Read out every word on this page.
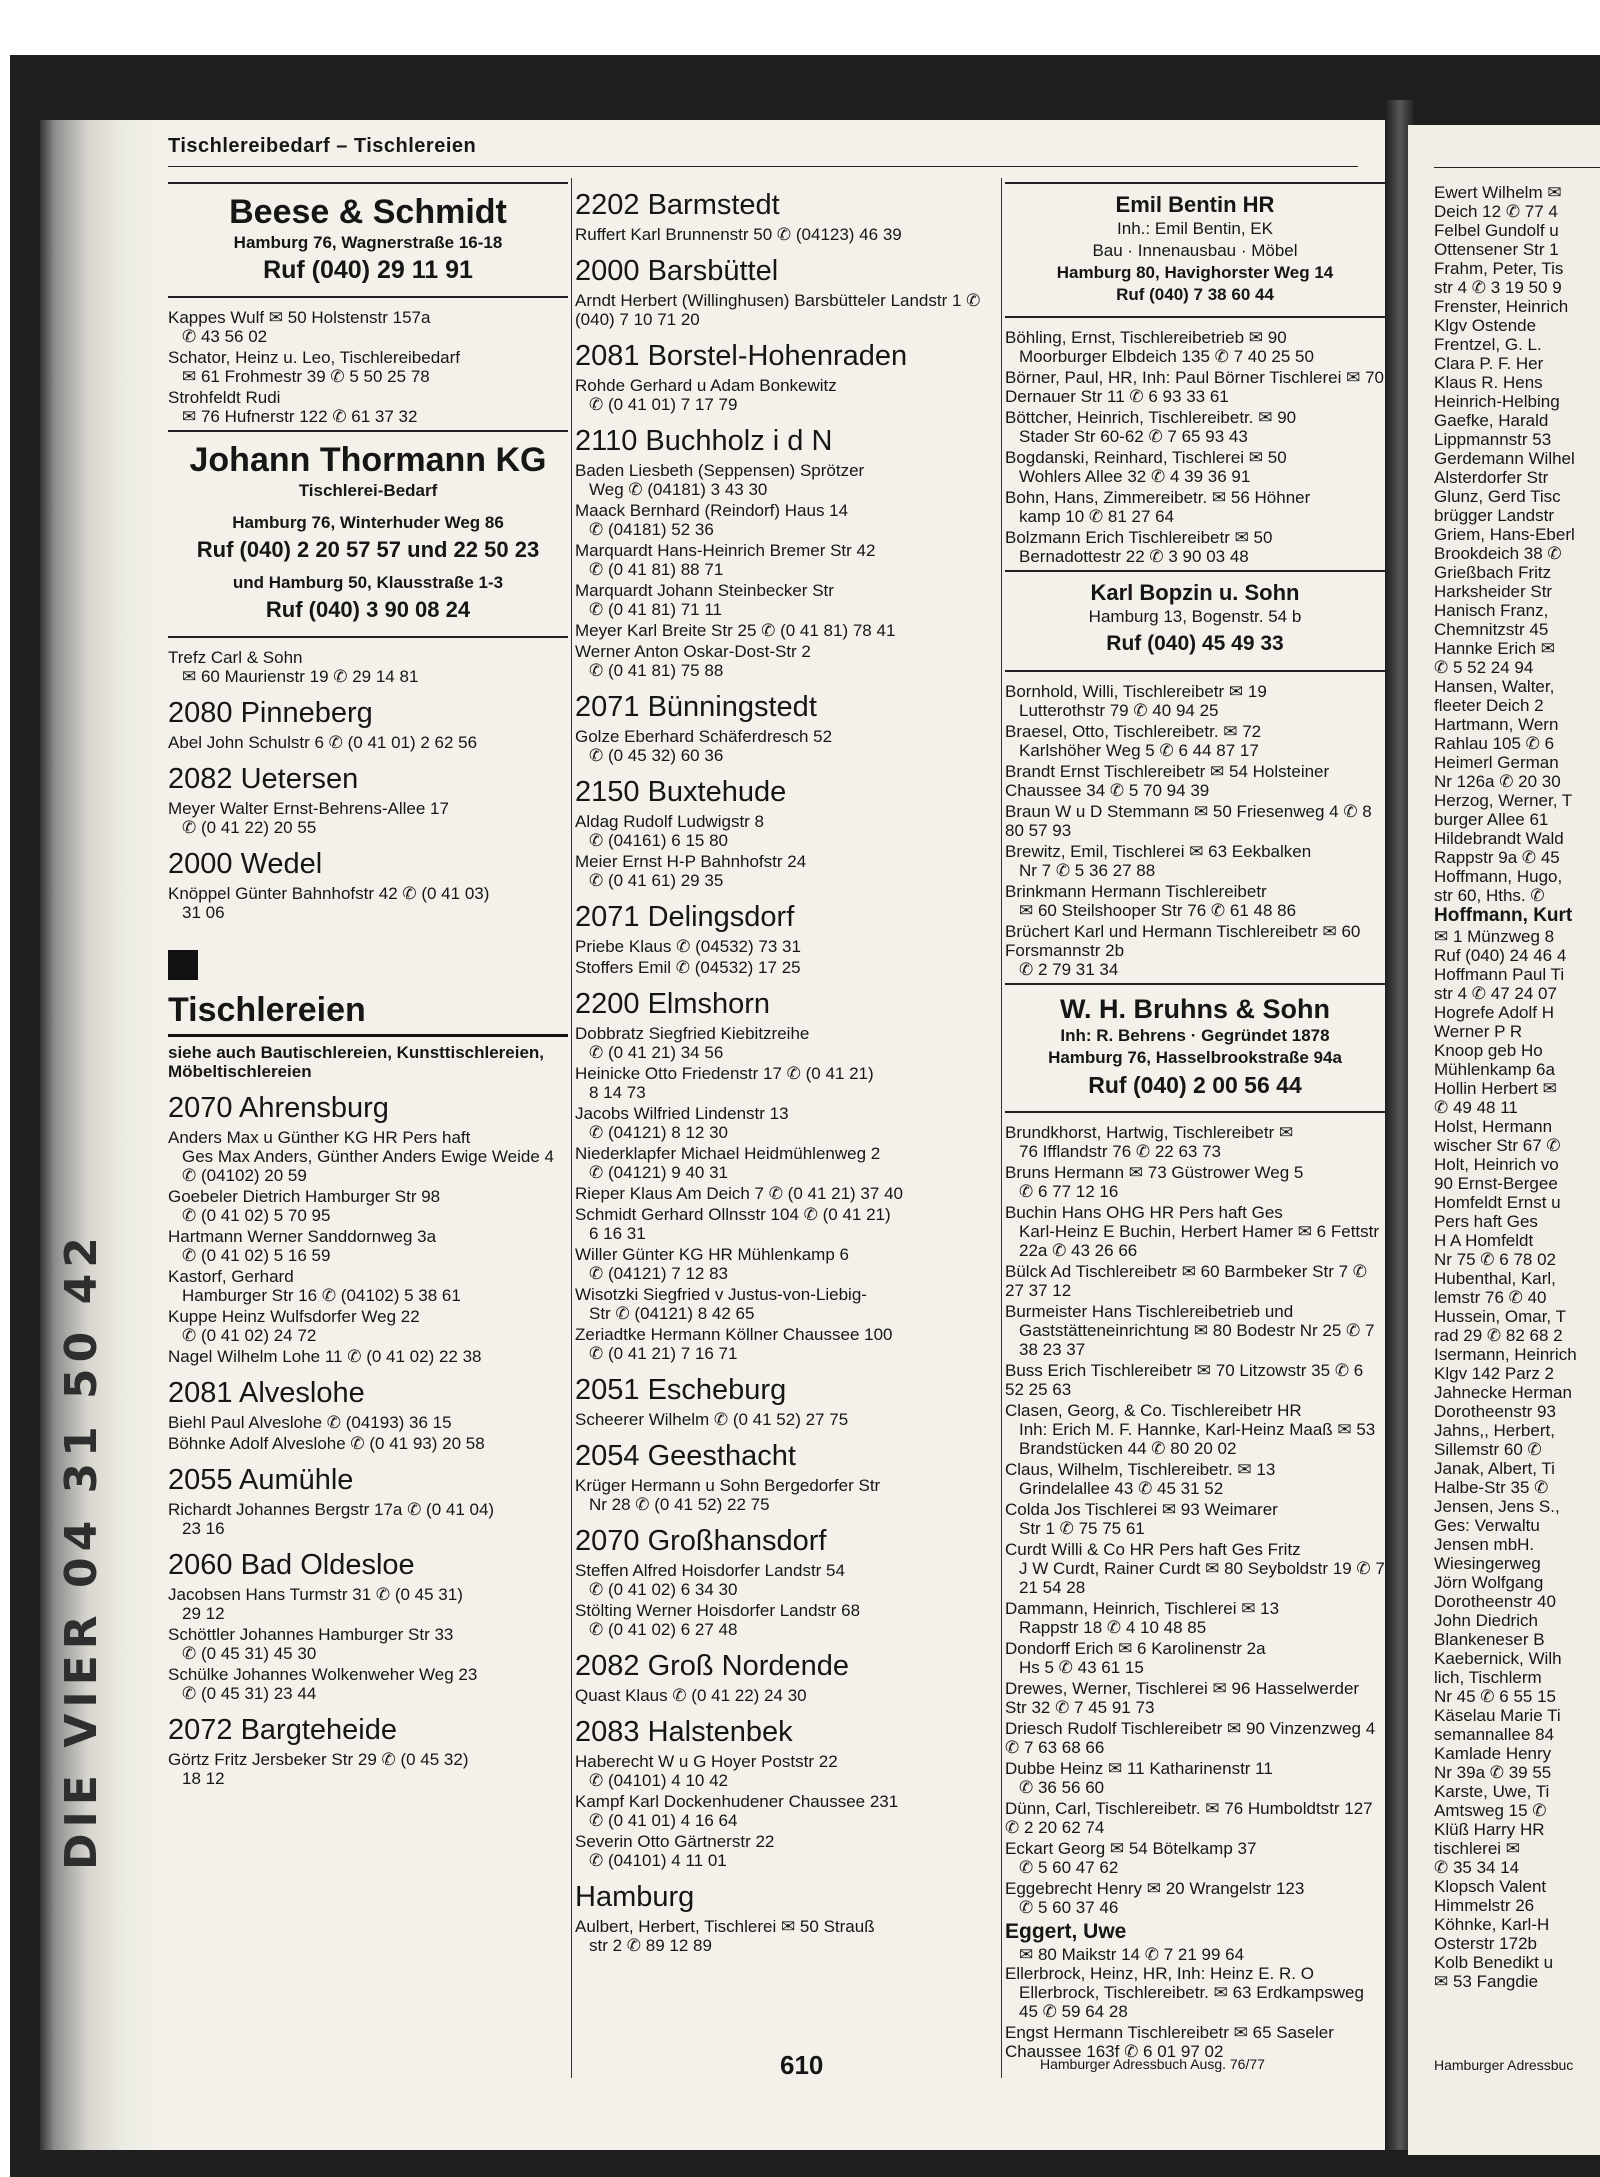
DIE VIER 04 31 50 42
Tischlereibedarf – Tischlereien
Beese & Schmidt
Hamburg 76, Wagnerstraße 16-18
Ruf (040) 29 11 91
Kappes Wulf ✉ 50 Holstenstr 157a
✆ 43 56 02
Schator, Heinz u. Leo, Tischlereibedarf
✉ 61 Frohmestr 39 ✆ 5 50 25 78
Strohfeldt Rudi
✉ 76 Hufnerstr 122 ✆ 61 37 32
Johann Thormann KG
Tischlerei-Bedarf
Hamburg 76, Winterhuder Weg 86
Ruf (040) 2 20 57 57 und 22 50 23
und Hamburg 50, Klausstraße 1-3
Ruf (040) 3 90 08 24
Trefz Carl & Sohn
✉ 60 Maurienstr 19 ✆ 29 14 81
2080 Pinneberg
Abel John Schulstr 6 ✆ (0 41 01) 2 62 56
2082 Uetersen
Meyer Walter Ernst-Behrens-Allee 17
✆ (0 41 22) 20 55
2000 Wedel
Knöppel Günter Bahnhofstr 42 ✆ (0 41 03)
31 06
Tischlereien
siehe auch Bautischlereien, Kunsttischlereien, Möbeltischlereien
2070 Ahrensburg
Anders Max u Günther KG HR Pers haft
Ges Max Anders, Günther Anders Ewige Weide 4 ✆ (04102) 20 59
Goebeler Dietrich Hamburger Str 98
✆ (0 41 02) 5 70 95
Hartmann Werner Sanddornweg 3a
✆ (0 41 02) 5 16 59
Kastorf, Gerhard
Hamburger Str 16 ✆ (04102) 5 38 61
Kuppe Heinz Wulfsdorfer Weg 22
✆ (0 41 02) 24 72
Nagel Wilhelm Lohe 11 ✆ (0 41 02) 22 38
2081 Alveslohe
Biehl Paul Alveslohe ✆ (04193) 36 15
Böhnke Adolf Alveslohe ✆ (0 41 93) 20 58
2055 Aumühle
Richardt Johannes Bergstr 17a ✆ (0 41 04)
23 16
2060 Bad Oldesloe
Jacobsen Hans Turmstr 31 ✆ (0 45 31)
29 12
Schöttler Johannes Hamburger Str 33
✆ (0 45 31) 45 30
Schülke Johannes Wolkenweher Weg 23
✆ (0 45 31) 23 44
2072 Bargteheide
Görtz Fritz Jersbeker Str 29 ✆ (0 45 32)
18 12
2202 Barmstedt
Ruffert Karl Brunnenstr 50 ✆ (04123) 46 39
2000 Barsbüttel
Arndt Herbert (Willinghusen) Barsbütteler Landstr 1 ✆ (040) 7 10 71 20
2081 Borstel-Hohenraden
Rohde Gerhard u Adam Bonkewitz
✆ (0 41 01) 7 17 79
2110 Buchholz i d N
Baden Liesbeth (Seppensen) Sprötzer
Weg ✆ (04181) 3 43 30
Maack Bernhard (Reindorf) Haus 14
✆ (04181) 52 36
Marquardt Hans-Heinrich Bremer Str 42
✆ (0 41 81) 88 71
Marquardt Johann Steinbecker Str
✆ (0 41 81) 71 11
Meyer Karl Breite Str 25 ✆ (0 41 81) 78 41
Werner Anton Oskar-Dost-Str 2
✆ (0 41 81) 75 88
2071 Bünningstedt
Golze Eberhard Schäferdresch 52
✆ (0 45 32) 60 36
2150 Buxtehude
Aldag Rudolf Ludwigstr 8
✆ (04161) 6 15 80
Meier Ernst H-P Bahnhofstr 24
✆ (0 41 61) 29 35
2071 Delingsdorf
Priebe Klaus ✆ (04532) 73 31
Stoffers Emil ✆ (04532) 17 25
2200 Elmshorn
Dobbratz Siegfried Kiebitzreihe
✆ (0 41 21) 34 56
Heinicke Otto Friedenstr 17 ✆ (0 41 21)
8 14 73
Jacobs Wilfried Lindenstr 13
✆ (04121) 8 12 30
Niederklapfer Michael Heidmühlenweg 2
✆ (04121) 9 40 31
Rieper Klaus Am Deich 7 ✆ (0 41 21) 37 40
Schmidt Gerhard Ollnsstr 104 ✆ (0 41 21)
6 16 31
Willer Günter KG HR Mühlenkamp 6
✆ (04121) 7 12 83
Wisotzki Siegfried v Justus-von-Liebig-
Str ✆ (04121) 8 42 65
Zeriadtke Hermann Köllner Chaussee 100
✆ (0 41 21) 7 16 71
2051 Escheburg
Scheerer Wilhelm ✆ (0 41 52) 27 75
2054 Geesthacht
Krüger Hermann u Sohn Bergedorfer Str
Nr 28 ✆ (0 41 52) 22 75
2070 Großhansdorf
Steffen Alfred Hoisdorfer Landstr 54
✆ (0 41 02) 6 34 30
Stölting Werner Hoisdorfer Landstr 68
✆ (0 41 02) 6 27 48
2082 Groß Nordende
Quast Klaus ✆ (0 41 22) 24 30
2083 Halstenbek
Haberecht W u G Hoyer Poststr 22
✆ (04101) 4 10 42
Kampf Karl Dockenhudener Chaussee 231
✆ (0 41 01) 4 16 64
Severin Otto Gärtnerstr 22
✆ (04101) 4 11 01
Hamburg
Aulbert, Herbert, Tischlerei ✉ 50 Strauß
str 2 ✆ 89 12 89
Emil Bentin HR
Inh.: Emil Bentin, EK
Bau · Innenausbau · Möbel
Hamburg 80, Havighorster Weg 14
Ruf (040) 7 38 60 44
Böhling, Ernst, Tischlereibetrieb ✉ 90
Moorburger Elbdeich 135 ✆ 7 40 25 50
Börner, Paul, HR, Inh: Paul Börner Tischlerei ✉ 70 Dernauer Str 11 ✆ 6 93 33 61
Böttcher, Heinrich, Tischlereibetr. ✉ 90
Stader Str 60-62 ✆ 7 65 93 43
Bogdanski, Reinhard, Tischlerei ✉ 50
Wohlers Allee 32 ✆ 4 39 36 91
Bohn, Hans, Zimmereibetr. ✉ 56 Höhner
kamp 10 ✆ 81 27 64
Bolzmann Erich Tischlereibetr ✉ 50
Bernadottestr 22 ✆ 3 90 03 48
Karl Bopzin u. Sohn
Hamburg 13, Bogenstr. 54 b
Ruf (040) 45 49 33
Bornhold, Willi, Tischlereibetr ✉ 19
Lutterothstr 79 ✆ 40 94 25
Braesel, Otto, Tischlereibetr. ✉ 72
Karlshöher Weg 5 ✆ 6 44 87 17
Brandt Ernst Tischlereibetr ✉ 54 Holsteiner Chaussee 34 ✆ 5 70 94 39
Braun W u D Stemmann ✉ 50 Friesenweg 4 ✆ 8 80 57 93
Brewitz, Emil, Tischlerei ✉ 63 Eekbalken
Nr 7 ✆ 5 36 27 88
Brinkmann Hermann Tischlereibetr
✉ 60 Steilshooper Str 76 ✆ 61 48 86
Brüchert Karl und Hermann Tischlereibetr ✉ 60 Forsmannstr 2b
✆ 2 79 31 34
W. H. Bruhns & Sohn
Inh: R. Behrens · Gegründet 1878
Hamburg 76, Hasselbrookstraße 94a
Ruf (040) 2 00 56 44
Brundkhorst, Hartwig, Tischlereibetr ✉
76 Ifflandstr 76 ✆ 22 63 73
Bruns Hermann ✉ 73 Güstrower Weg 5
✆ 6 77 12 16
Buchin Hans OHG HR Pers haft Ges
Karl-Heinz E Buchin, Herbert Hamer ✉ 6 Fettstr 22a ✆ 43 26 66
Bülck Ad Tischlereibetr ✉ 60 Barmbeker Str 7 ✆ 27 37 12
Burmeister Hans Tischlereibetrieb und
Gaststätteneinrichtung ✉ 80 Bodestr Nr 25 ✆ 7 38 23 37
Buss Erich Tischlereibetr ✉ 70 Litzowstr 35 ✆ 6 52 25 63
Clasen, Georg, & Co. Tischlereibetr HR
Inh: Erich M. F. Hannke, Karl-Heinz Maaß ✉ 53 Brandstücken 44 ✆ 80 20 02
Claus, Wilhelm, Tischlereibetr. ✉ 13
Grindelallee 43 ✆ 45 31 52
Colda Jos Tischlerei ✉ 93 Weimarer
Str 1 ✆ 75 75 61
Curdt Willi & Co HR Pers haft Ges Fritz
J W Curdt, Rainer Curdt ✉ 80 Seyboldstr 19 ✆ 7 21 54 28
Dammann, Heinrich, Tischlerei ✉ 13
Rappstr 18 ✆ 4 10 48 85
Dondorff Erich ✉ 6 Karolinenstr 2a
Hs 5 ✆ 43 61 15
Drewes, Werner, Tischlerei ✉ 96 Hasselwerder Str 32 ✆ 7 45 91 73
Driesch Rudolf Tischlereibetr ✉ 90 Vinzenzweg 4 ✆ 7 63 68 66
Dubbe Heinz ✉ 11 Katharinenstr 11
✆ 36 56 60
Dünn, Carl, Tischlereibetr. ✉ 76 Humboldtstr 127 ✆ 2 20 62 74
Eckart Georg ✉ 54 Bötelkamp 37
✆ 5 60 47 62
Eggebrecht Henry ✉ 20 Wrangelstr 123
✆ 5 60 37 46
Eggert, Uwe
✉ 80 Maikstr 14 ✆ 7 21 99 64
Ellerbrock, Heinz, HR, Inh: Heinz E. R. O
Ellerbrock, Tischlereibetr. ✉ 63 Erdkampsweg 45 ✆ 59 64 28
Engst Hermann Tischlereibetr ✉ 65 Saseler Chaussee 163f ✆ 6 01 97 02
610	Hamburger Adressbuch Ausg. 76/77
Ewert Wilhelm ✉
Deich 12 ✆ 77 4
Felbel Gundolf u
Ottensener Str 1
Frahm, Peter, Tis
str 4 ✆ 3 19 50 9
Frenster, Heinrich
Klgv Ostende
Frentzel, G. L.
Clara P. F. Her
Klaus R. Hens
Heinrich-Helbing
Gaefke, Harald
Lippmannstr 53
Gerdemann Wilhel
Alsterdorfer Str
Glunz, Gerd Tisc
brügger Landstr
Griem, Hans-Eberl
Brookdeich 38 ✆
Grießbach Fritz
Harksheider Str
Hanisch Franz,
Chemnitzstr 45
Hannke Erich ✉
✆ 5 52 24 94
Hansen, Walter,
fleeter Deich 2
Hartmann, Wern
Rahlau 105 ✆ 6
Heimerl German
Nr 126a ✆ 20 30
Herzog, Werner, T
burger Allee 61
Hildebrandt Wald
Rappstr 9a ✆ 45
Hoffmann, Hugo,
str 60, Hths. ✆
Hoffmann, Kurt
✉ 1 Münzweg 8
Ruf (040) 24 46 4
Hoffmann Paul Ti
str 4 ✆ 47 24 07
Hogrefe Adolf H
Werner P R
Knoop geb Ho
Mühlenkamp 6a
Hollin Herbert ✉
✆ 49 48 11
Holst, Hermann
wischer Str 67 ✆
Holt, Heinrich vo
90 Ernst-Bergee
Homfeldt Ernst u
Pers haft Ges
H A Homfeldt
Nr 75 ✆ 6 78 02
Hubenthal, Karl,
lemstr 76 ✆ 40
Hussein, Omar, T
rad 29 ✆ 82 68 2
Isermann, Heinrich
Klgv 142 Parz 2
Jahnecke Herman
Dorotheenstr 93
Jahns,, Herbert,
Sillemstr 60 ✆
Janak, Albert, Ti
Halbe-Str 35 ✆
Jensen, Jens S.,
Ges: Verwaltu
Jensen mbH.
Wiesingerweg
Jörn Wolfgang
Dorotheenstr 40
John Diedrich
Blankeneser B
Kaebernick, Wilh
lich, Tischlerm
Nr 45 ✆ 6 55 15
Käselau Marie Ti
semannallee 84
Kamlade Henry
Nr 39a ✆ 39 55
Karste, Uwe, Ti
Amtsweg 15 ✆
Klüß Harry HR
tischlerei ✉
✆ 35 34 14
Klopsch Valent
Himmelstr 26
Köhnke, Karl-H
Osterstr 172b
Kolb Benedikt u
✉ 53 Fangdie
Hamburger Adressbuc
